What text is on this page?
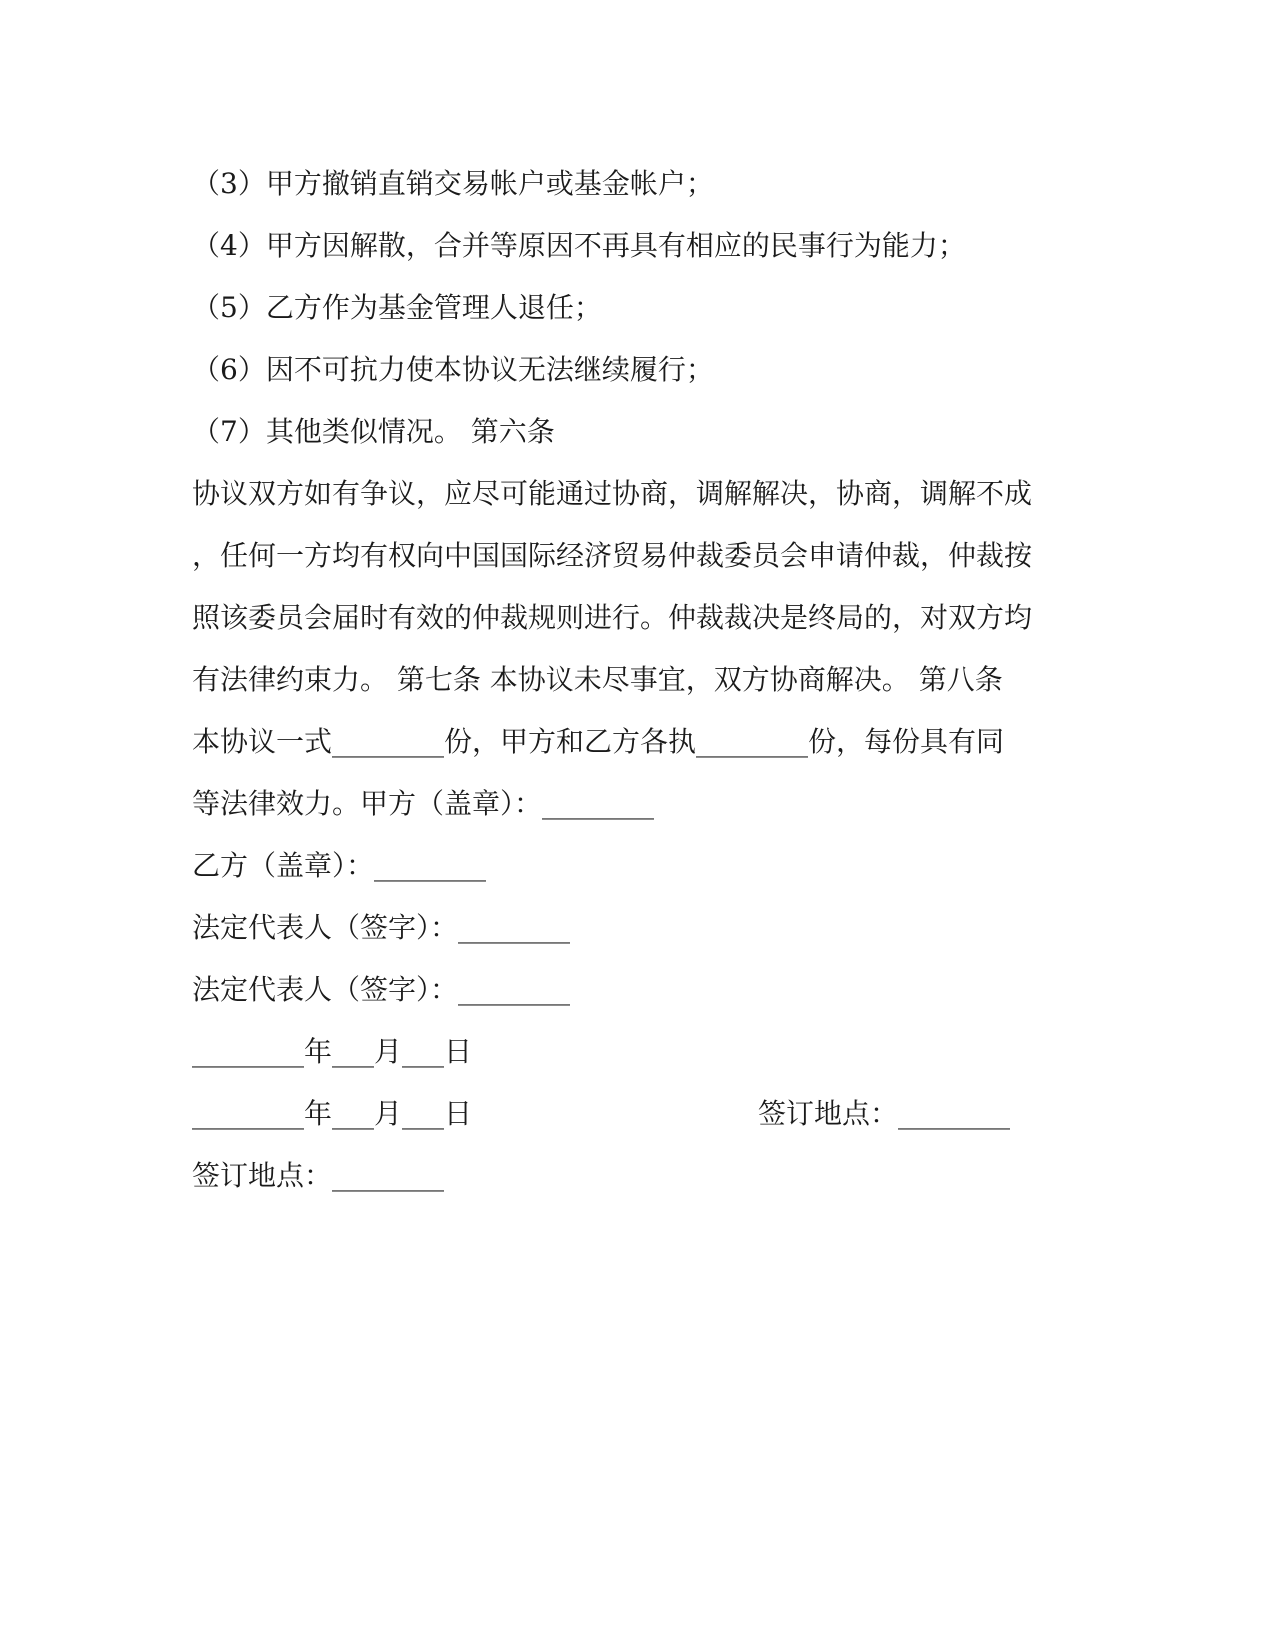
（3）甲方撤销直销交易帐户或基金帐户；
（4）甲方因解散，合并等原因不再具有相应的民事行为能力；
（5）乙方作为基金管理人退任；
（6）因不可抗力使本协议无法继续履行；
（7）其他类似情况。 第六条
协议双方如有争议，应尽可能通过协商，调解解决，协商，调解不成
，任何一方均有权向中国国际经济贸易仲裁委员会申请仲裁，仲裁按
照该委员会届时有效的仲裁规则进行。仲裁裁决是终局的，对双方均
有法律约束力。 第七条 本协议未尽事宜，双方协商解决。 第八条
本协议一式________份，甲方和乙方各执________份，每份具有同
等法律效力。甲方（盖章）：________
乙方（盖章）：________
法定代表人（签字）：________
法定代表人（签字）：________
________年___月___日
________年___月___日	签订地点：________
签订地点：________
